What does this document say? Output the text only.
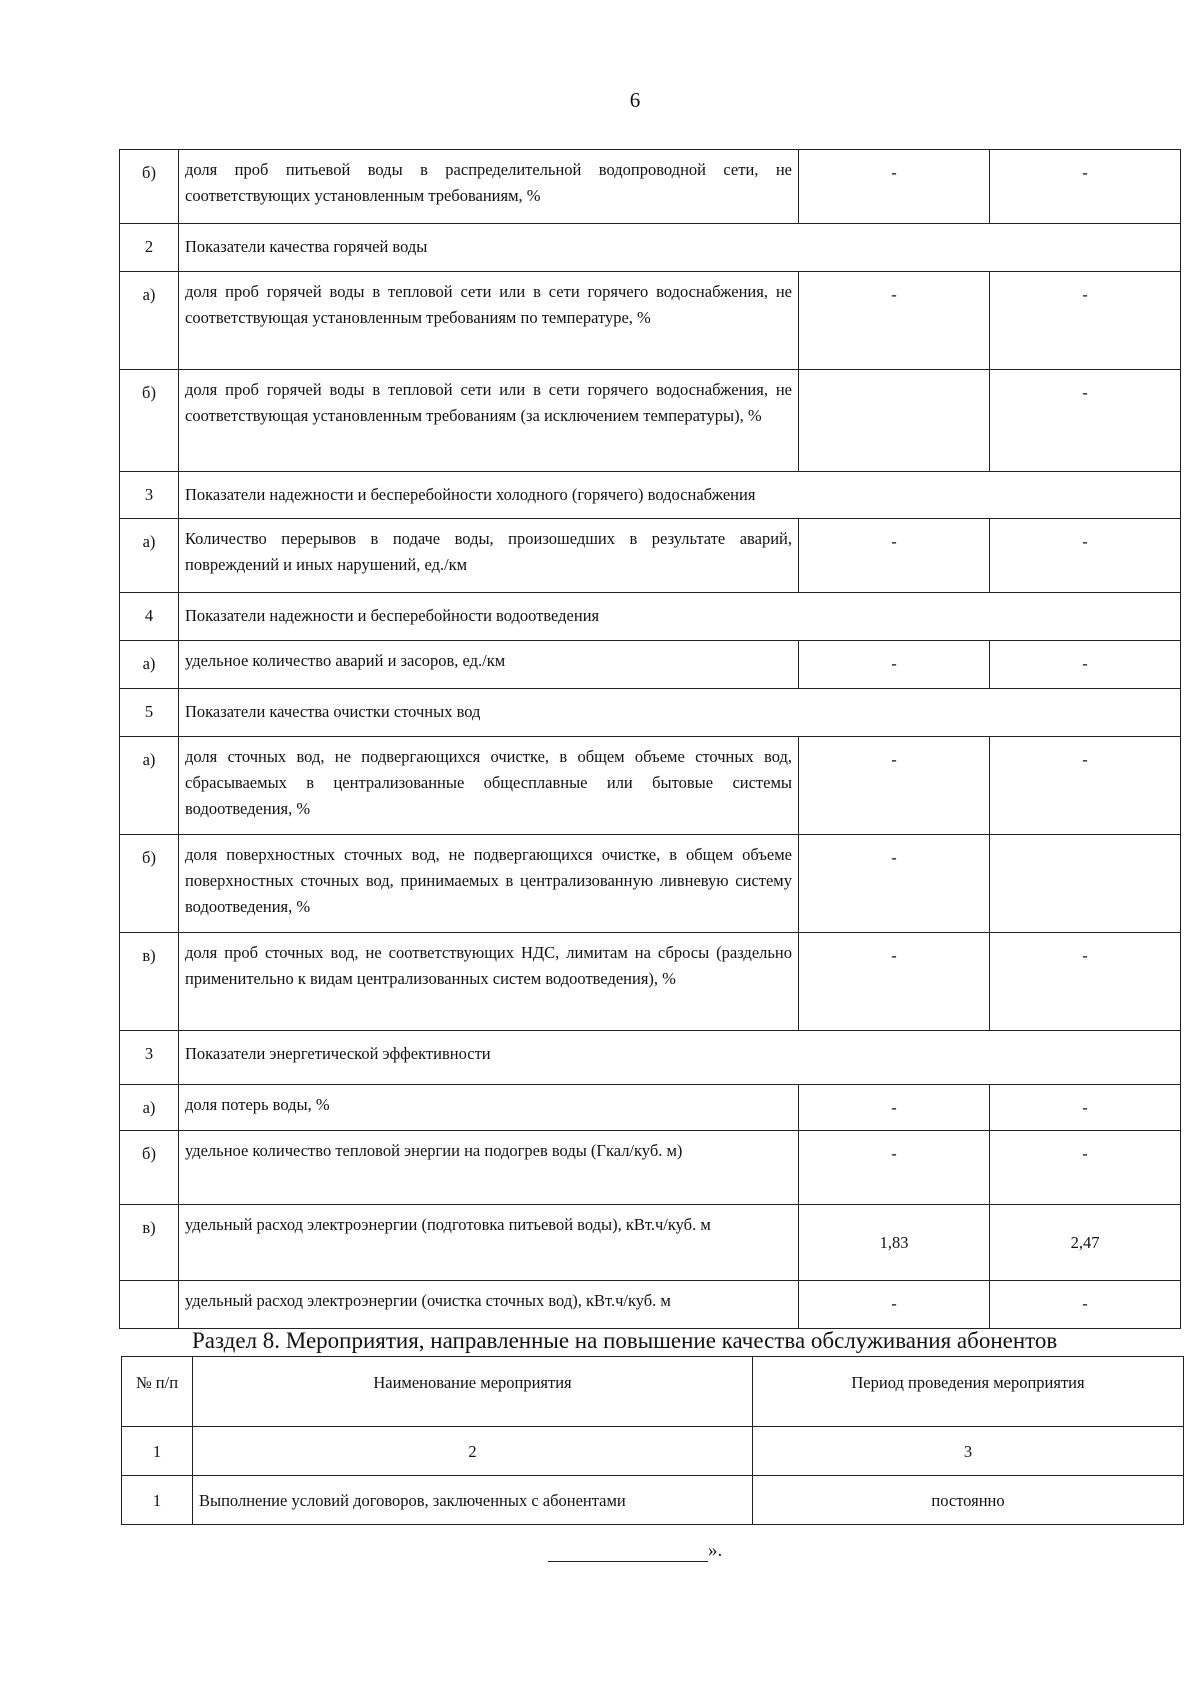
6
б)	доля проб питьевой воды в распределительной водопроводной сети, не соответствующих установленным требованиям, %	-	-
2	Показатели качества горячей воды		
а)	доля проб горячей воды в тепловой сети или в сети горячего водоснабжения, не соответствующая установленным требованиям по температуре, %	-	-
б)	доля проб горячей воды в тепловой сети или в сети горячего водоснабжения, не соответствующая установленным требованиям (за исключением температуры), %		-
3	Показатели надежности и бесперебойности холодного (горячего) водоснабжения		
а)	Количество перерывов в подаче воды, произошедших в результате аварий, повреждений и иных нарушений, ед./км	-	-
4	Показатели надежности и бесперебойности водоотведения		
а)	удельное количество аварий и засоров, ед./км	-	-
5	Показатели качества очистки сточных вод		
а)	доля сточных вод, не подвергающихся очистке, в общем объеме сточных вод, сбрасываемых в централизованные общесплавные или бытовые системы водоотведения, %	-	-
б)	доля поверхностных сточных вод, не подвергающихся очистке, в общем объеме поверхностных сточных вод, принимаемых в централизованную ливневую систему водоотведения, %	-	
в)	доля проб сточных вод, не соответствующих НДС, лимитам на сбросы (раздельно применительно к видам централизованных систем водоотведения), %	-	-
3	Показатели энергетической эффективности		
а)	доля потерь воды, %	-	-
б)	удельное количество тепловой энергии на подогрев воды (Гкал/куб. м)	-	-
в)	удельный расход электроэнергии (подготовка питьевой воды), кВт.ч/куб. м	1,83	2,47
	удельный расход электроэнергии (очистка сточных вод), кВт.ч/куб. м	-	-
Раздел 8. Мероприятия, направленные на повышение качества обслуживания абонентов
№ п/п	Наименование мероприятия	Период проведения мероприятия
1	2	3
1	Выполнение условий договоров, заключенных с абонентами	постоянно
».
